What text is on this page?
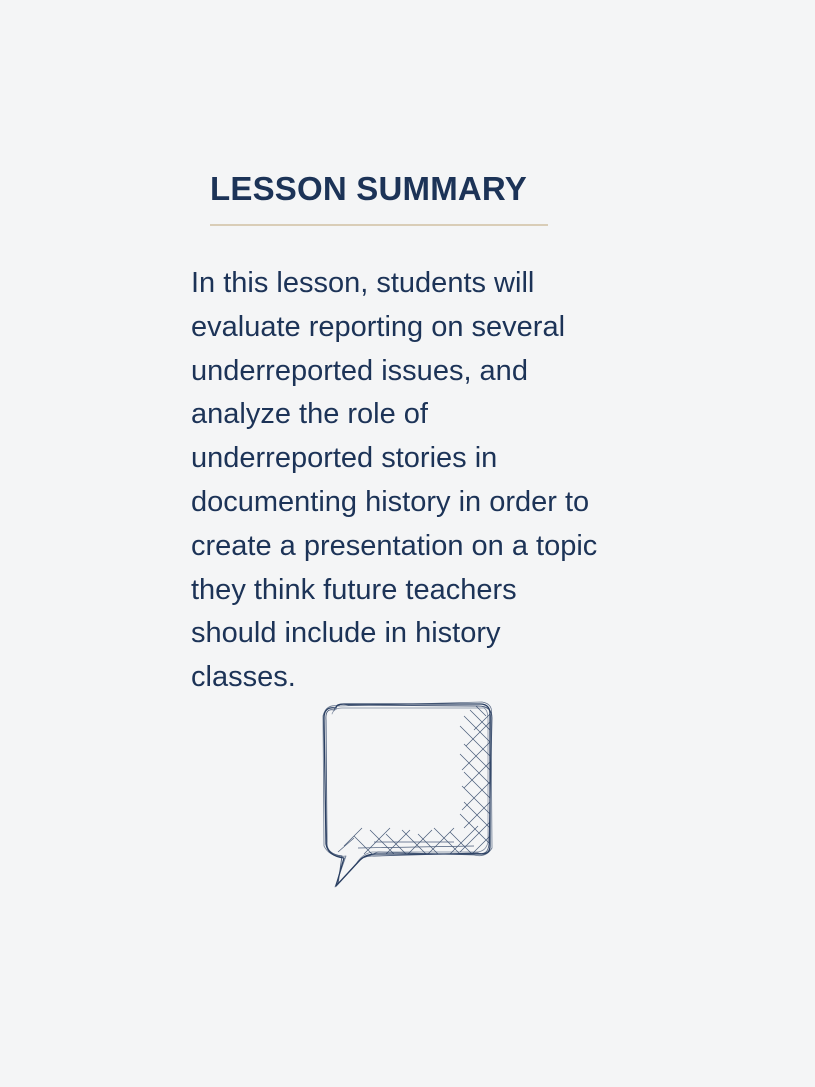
LESSON SUMMARY
In this lesson, students will
evaluate reporting on several
underreported issues, and
analyze the role of
underreported stories in
documenting history in order to
create a presentation on a topic
they think future teachers
should include in history
classes.
